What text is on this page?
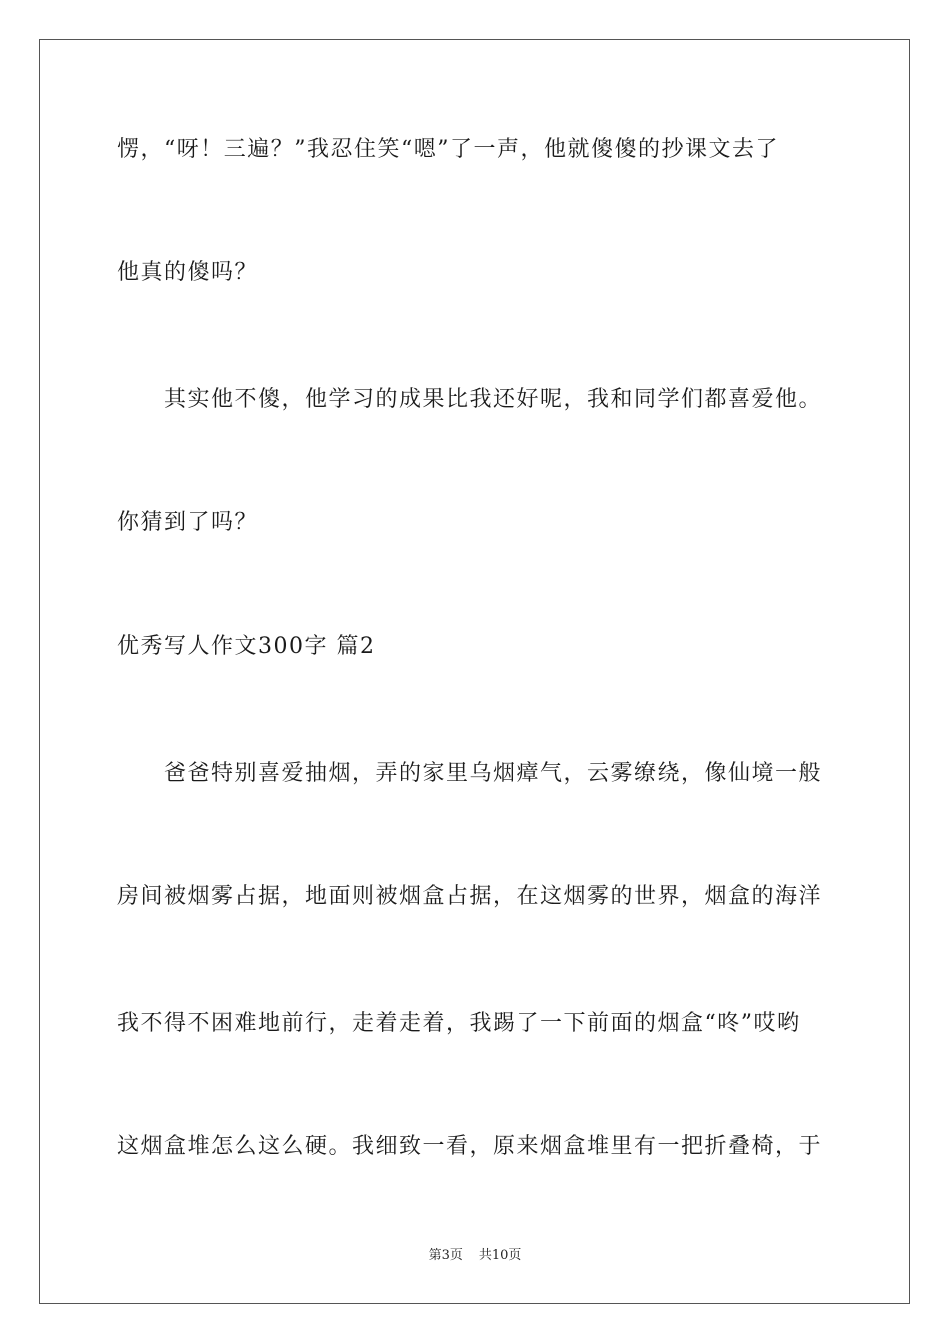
愣，“呀！三遍？”我忍住笑“嗯”了一声，他就傻傻的抄课文去了
他真的傻吗？
其实他不傻，他学习的成果比我还好呢，我和同学们都喜爱他。
你猜到了吗？
优秀写人作文300字 篇2
爸爸特别喜爱抽烟，弄的家里乌烟瘴气，云雾缭绕，像仙境一般
房间被烟雾占据，地面则被烟盒占据，在这烟雾的世界，烟盒的海洋
我不得不困难地前行，走着走着，我踢了一下前面的烟盒“咚”哎哟
这烟盒堆怎么这么硬。我细致一看，原来烟盒堆里有一把折叠椅，于
第3页 共10页
